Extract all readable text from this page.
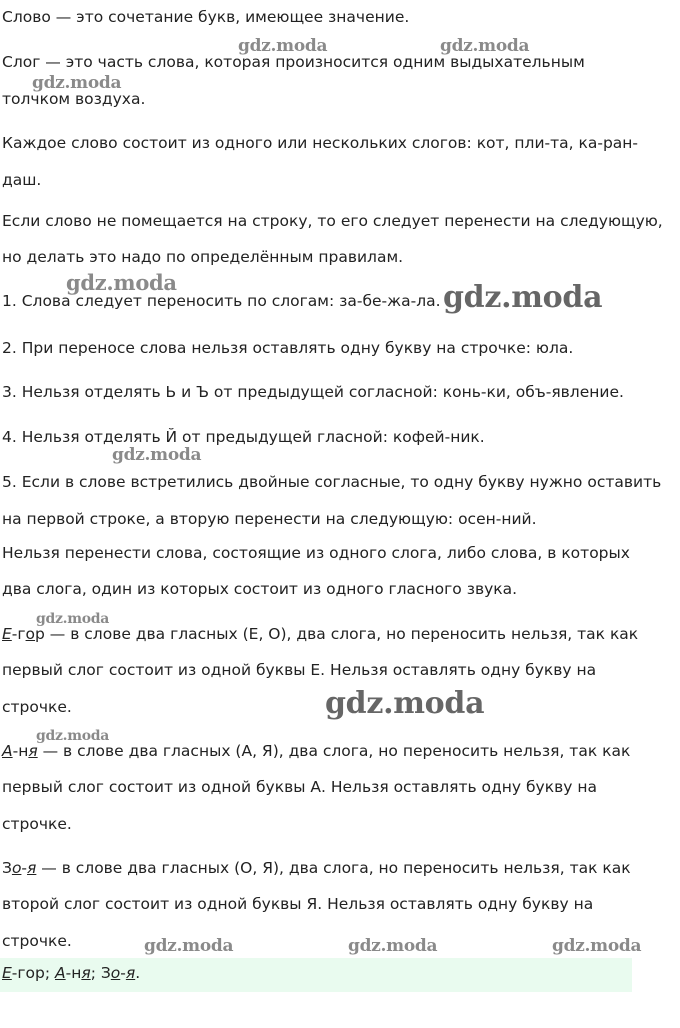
Слово — это сочетание букв, имеющее значение.
Слог — это часть слова, которая произносится одним выдыхательным
толчком воздуха.
Каждое слово состоит из одного или нескольких слогов: кот, пли-та, ка-ран-
даш.
Если слово не помещается на строку, то его следует перенести на следующую,
но делать это надо по определённым правилам.
1. Слова следует переносить по слогам: за-бе-жа-ла.
2. При переносе слова нельзя оставлять одну букву на строчке: юла.
3. Нельзя отделять Ь и Ъ от предыдущей согласной: конь-ки, объ-явление.
4. Нельзя отделять Й от предыдущей гласной: кофей-ник.
5. Если в слове встретились двойные согласные, то одну букву нужно оставить
на первой строке, а вторую перенести на следующую: осен-ний.
Нельзя перенести слова, состоящие из одного слога, либо слова, в которых
два слога, один из которых состоит из одного гласного звука.
Е-гор — в слове два гласных (Е, О), два слога, но переносить нельзя, так как
первый слог состоит из одной буквы Е. Нельзя оставлять одну букву на
строчке.
А-ня — в слове два гласных (А, Я), два слога, но переносить нельзя, так как
первый слог состоит из одной буквы А. Нельзя оставлять одну букву на
строчке.
Зо-я — в слове два гласных (О, Я), два слога, но переносить нельзя, так как
второй слог состоит из одной буквы Я. Нельзя оставлять одну букву на
строчке.
Е-гор; А-ня; Зо-я.
gdz.moda	gdz.moda
gdz.moda
gdz.moda	gdz.moda
gdz.moda
gdz.moda
gdz.moda
gdz.moda
gdz.moda	gdz.moda	gdz.moda
